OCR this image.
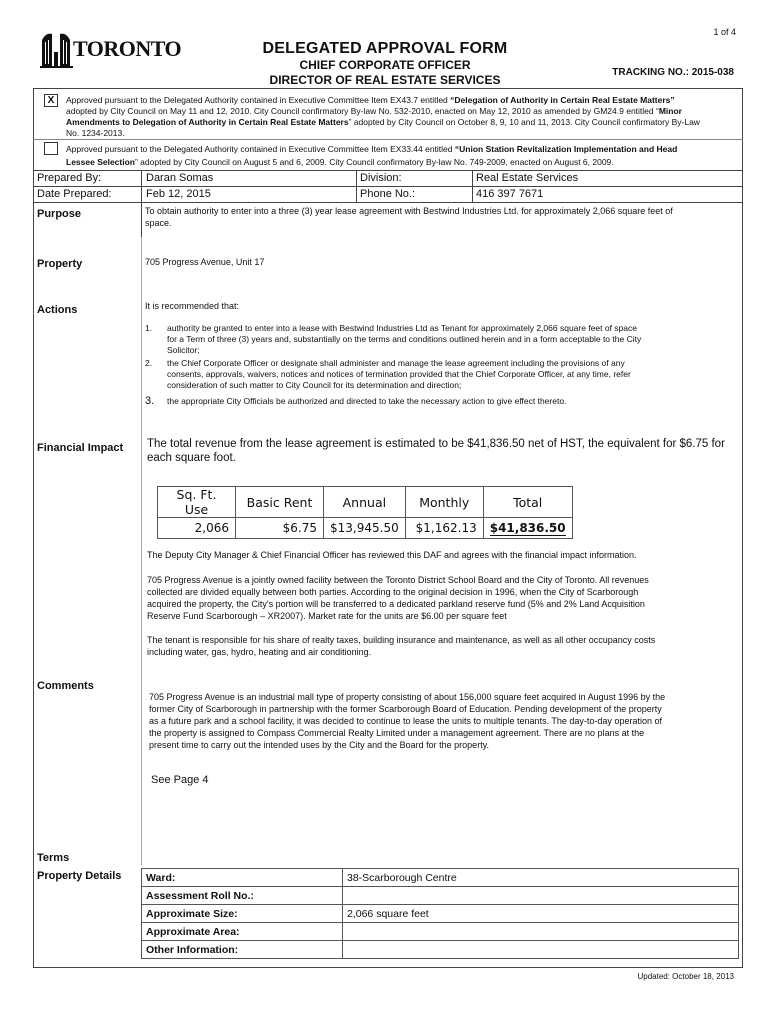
TORONTO
1 of 4
DELEGATED APPROVAL FORM
CHIEF CORPORATE OFFICER
DIRECTOR OF REAL ESTATE SERVICES
TRACKING NO.: 2015-038
X	Approved pursuant to the Delegated Authority contained in Executive Committee Item EX43.7 entitled “Delegation of Authority in Certain Real Estate Matters”
adopted by City Council on May 11 and 12, 2010. City Council confirmatory By-law No. 532-2010, enacted on May 12, 2010 as amended by GM24.9 entitled “Minor
Amendments to Delegation of Authority in Certain Real Estate Matters” adopted by City Council on October 8, 9, 10 and 11, 2013. City Council confirmatory By-Law
No. 1234-2013.
Approved pursuant to the Delegated Authority contained in Executive Committee Item EX33.44 entitled “Union Station Revitalization Implementation and Head
Lessee Selection” adopted by City Council on August 5 and 6, 2009. City Council confirmatory By-law No. 749-2009, enacted on August 6, 2009.
Prepared By:	Daran Somas	Division:	Real Estate Services
Date Prepared:	Feb 12, 2015	Phone No.:	416 397 7671
Purpose	To obtain authority to enter into a three (3) year lease agreement with Bestwind Industries Ltd. for approximately 2,066 square feet of
space.
Property	705 Progress Avenue, Unit 17
Actions	It is recommended that:
1. authority be granted to enter into a lease with Bestwind Industries Ltd as Tenant for approximately 2,066 square feet of space
for a Term of three (3) years and, substantially on the terms and conditions outlined herein and in a form acceptable to the City
Solicitor;
2. the Chief Corporate Officer or designate shall administer and manage the lease agreement including the provisions of any
consents, approvals, waivers, notices and notices of termination provided that the Chief Corporate Officer, at any time, refer
consideration of such matter to City Council for its determination and direction;
3. the appropriate City Officials be authorized and directed to take the necessary action to give effect thereto.
Financial Impact The total revenue from the lease agreement is estimated to be $41,836.50 net of HST, the equivalent for $6.75 for
each square foot.
Sq. Ft. Use	Basic Rent	Annual	Monthly	Total
2,066	$6.75	$13,945.50	$1,162.13	$41,836.50
The Deputy City Manager & Chief Financial Officer has reviewed this DAF and agrees with the financial impact information.
705 Progress Avenue is a jointly owned facility between the Toronto District School Board and the City of Toronto. All revenues
collected are divided equally between both parties. According to the original decision in 1996, when the City of Scarborough
acquired the property, the City's portion will be transferred to a dedicated parkland reserve fund (5% and 2% Land Acquisition
Reserve Fund Scarborough – XR2007). Market rate for the units are $6.00 per square feet
The tenant is responsible for his share of realty taxes, building insurance and maintenance, as well as all other occupancy costs
including water, gas, hydro, heating and air conditioning.
Comments
705 Progress Avenue is an industrial mall type of property consisting of about 156,000 square feet acquired in August 1996 by the
former City of Scarborough in partnership with the former Scarborough Board of Education. Pending development of the property
as a future park and a school facility, it was decided to continue to lease the units to multiple tenants. The day-to-day operation of
the property is assigned to Compass Commercial Realty Limited under a management agreement. There are no plans at the
present time to carry out the intended uses by the City and the Board for the property.
See Page 4
Terms
Property Details Ward:	38-Scarborough Centre
Assessment Roll No.:	
Approximate Size:	2,066 square feet
Approximate Area:	
Other Information:	
Updated: October 18, 2013
